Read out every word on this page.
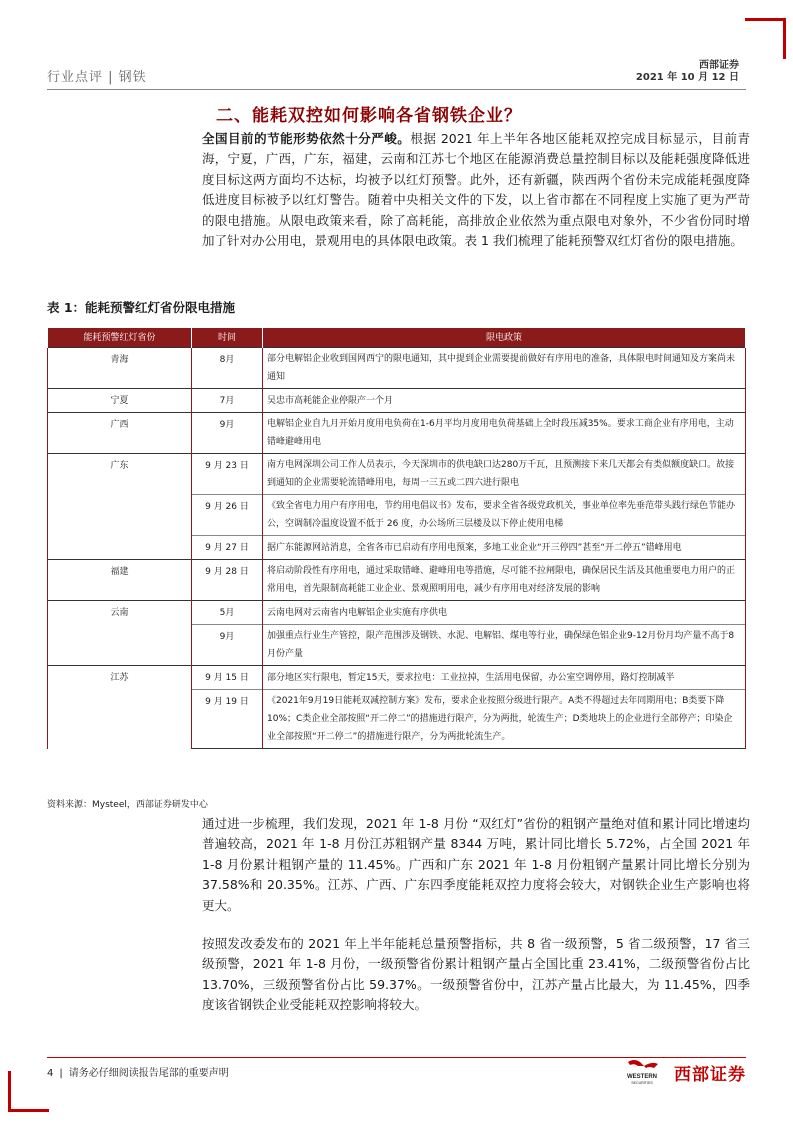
行业点评 | 钢铁
西部证券
2021 年 10 月 12 日
二、能耗双控如何影响各省钢铁企业？
全国目前的节能形势依然十分严峻。根据 2021 年上半年各地区能耗双控完成目标显示，目前青海，宁夏，广西，广东，福建，云南和江苏七个地区在能源消费总量控制目标以及能耗强度降低进度目标这两方面均不达标，均被予以红灯预警。此外，还有新疆，陕西两个省份未完成能耗强度降低进度目标被予以红灯警告。随着中央相关文件的下发，以上省市都在不同程度上实施了更为严苛的限电措施。从限电政策来看，除了高耗能，高排放企业依然为重点限电对象外，不少省份同时增加了针对办公用电，景观用电的具体限电政策。表 1 我们梳理了能耗预警双红灯省份的限电措施。
表 1：能耗预警红灯省份限电措施
能耗预警红灯省份	时间	限电政策
青海	8月	部分电解铝企业收到国网西宁的限电通知，其中提到企业需要提前做好有序用电的准备，具体限电时间通知及方案尚未通知
宁夏	7月	吴忠市高耗能企业停限产一个月
广西	9月	电解铝企业自九月开始月度用电负荷在1-6月平均月度用电负荷基础上全时段压减35%。要求工商企业有序用电，主动错峰避峰用电
广东	9 月 23 日	南方电网深圳公司工作人员表示，今天深圳市的供电缺口达280万千瓦，且预测接下来几天都会有类似额度缺口。故接到通知的企业需要轮流错峰用电，每周一三五或二四六进行限电
	9 月 26 日	《致全省电力用户有序用电，节约用电倡议书》发布，要求全省各级党政机关，事业单位率先垂范带头践行绿色节能办公，空调制冷温度设置不低于 26 度，办公场所三层楼及以下停止使用电梯
	9 月 27 日	据广东能源网站消息，全省各市已启动有序用电预案，多地工业企业“开三停四”甚至“开二停五”错峰用电
福建	9 月 28 日	将启动阶段性有序用电，通过采取错峰、避峰用电等措施，尽可能不拉闸限电，确保居民生活及其他重要电力用户的正常用电，首先限制高耗能工业企业、景观照明用电，减少有序用电对经济发展的影响
云南	5月	云南电网对云南省内电解铝企业实施有序供电
	9月	加强重点行业生产管控，限产范围涉及钢铁、水泥、电解铝、煤电等行业，确保绿色铝企业9-12月份月均产量不高于8月份产量
江苏	9 月 15 日	部分地区实行限电，暂定15天，要求拉电：工业拉掉，生活用电保留，办公室空调停用，路灯控制减半
	9 月 19 日	《2021年9月19日能耗双减控制方案》发布，要求企业按照分级进行限产。A类不得超过去年同期用电；B类要下降10%；C类企业全部按照“开二停二”的措施进行限产，分为两批，轮流生产；D类地块上的企业进行全部停产；印染企业全部按照“开二停二”的措施进行限产，分为两批轮流生产。
资料来源：Mysteel，西部证券研发中心
通过进一步梳理，我们发现，2021 年 1-8 月份 “双红灯”省份的粗钢产量绝对值和累计同比增速均普遍较高，2021 年 1-8 月份江苏粗钢产量 8344 万吨，累计同比增长 5.72%，占全国 2021 年 1-8 月份累计粗钢产量的 11.45%。广西和广东 2021 年 1-8 月份粗钢产量累计同比增长分别为 37.58%和 20.35%。江苏、广西、广东四季度能耗双控力度将会较大，对钢铁企业生产影响也将更大。
按照发改委发布的 2021 年上半年能耗总量预警指标，共 8 省一级预警，5 省二级预警，17 省三级预警，2021 年 1-8 月份，一级预警省份累计粗钢产量占全国比重 23.41%，二级预警省份占比 13.70%，三级预警省份占比 59.37%。一级预警省份中，江苏产量占比最大，为 11.45%，四季度该省钢铁企业受能耗双控影响将较大。
4 | 请务必仔细阅读报告尾部的重要声明	WESTERN
SECURITIES 西部证券
